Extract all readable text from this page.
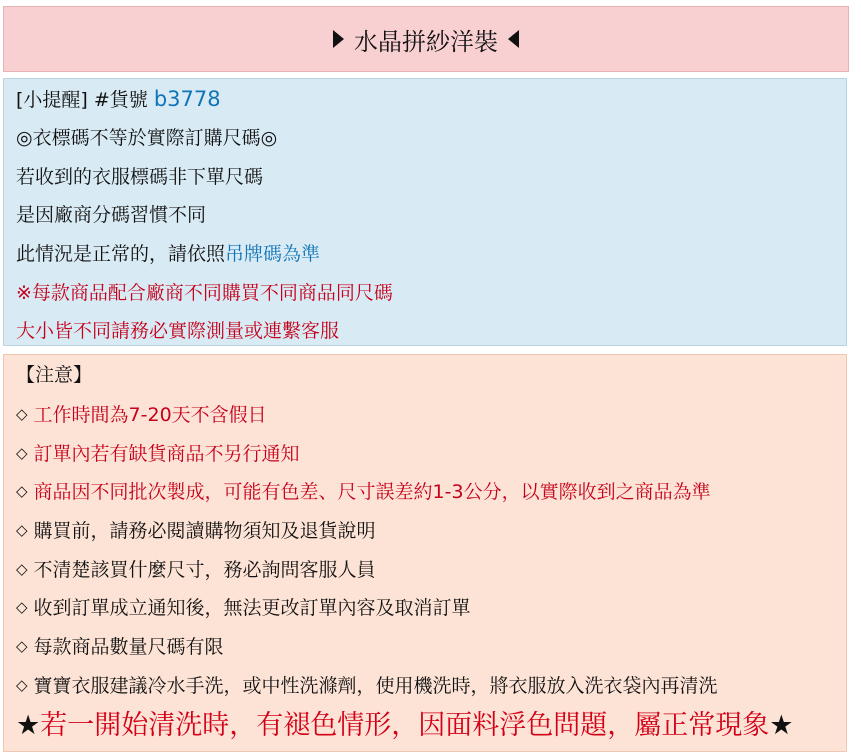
水晶拼紗洋裝
[小提醒] #貨號 b3778
◎衣標碼不等於實際訂購尺碼◎
若收到的衣服標碼非下單尺碼
是因廠商分碼習慣不同
此情況是正常的，請依照吊牌碼為準
※每款商品配合廠商不同購買不同商品同尺碼
大小皆不同請務必實際測量或連繫客服
【注意】
◇ 工作時間為7-20天不含假日
◇ 訂單內若有缺貨商品不另行通知
◇ 商品因不同批次製成，可能有色差、尺寸誤差約1-3公分，以實際收到之商品為準
◇ 購買前，請務必閱讀購物須知及退貨說明
◇ 不清楚該買什麼尺寸，務必詢問客服人員
◇ 收到訂單成立通知後，無法更改訂單內容及取消訂單
◇ 每款商品數量尺碼有限
◇ 寶寶衣服建議冷水手洗，或中性洗滌劑，使用機洗時，將衣服放入洗衣袋內再清洗
★若一開始清洗時，有褪色情形，因面料浮色問題，屬正常現象★
